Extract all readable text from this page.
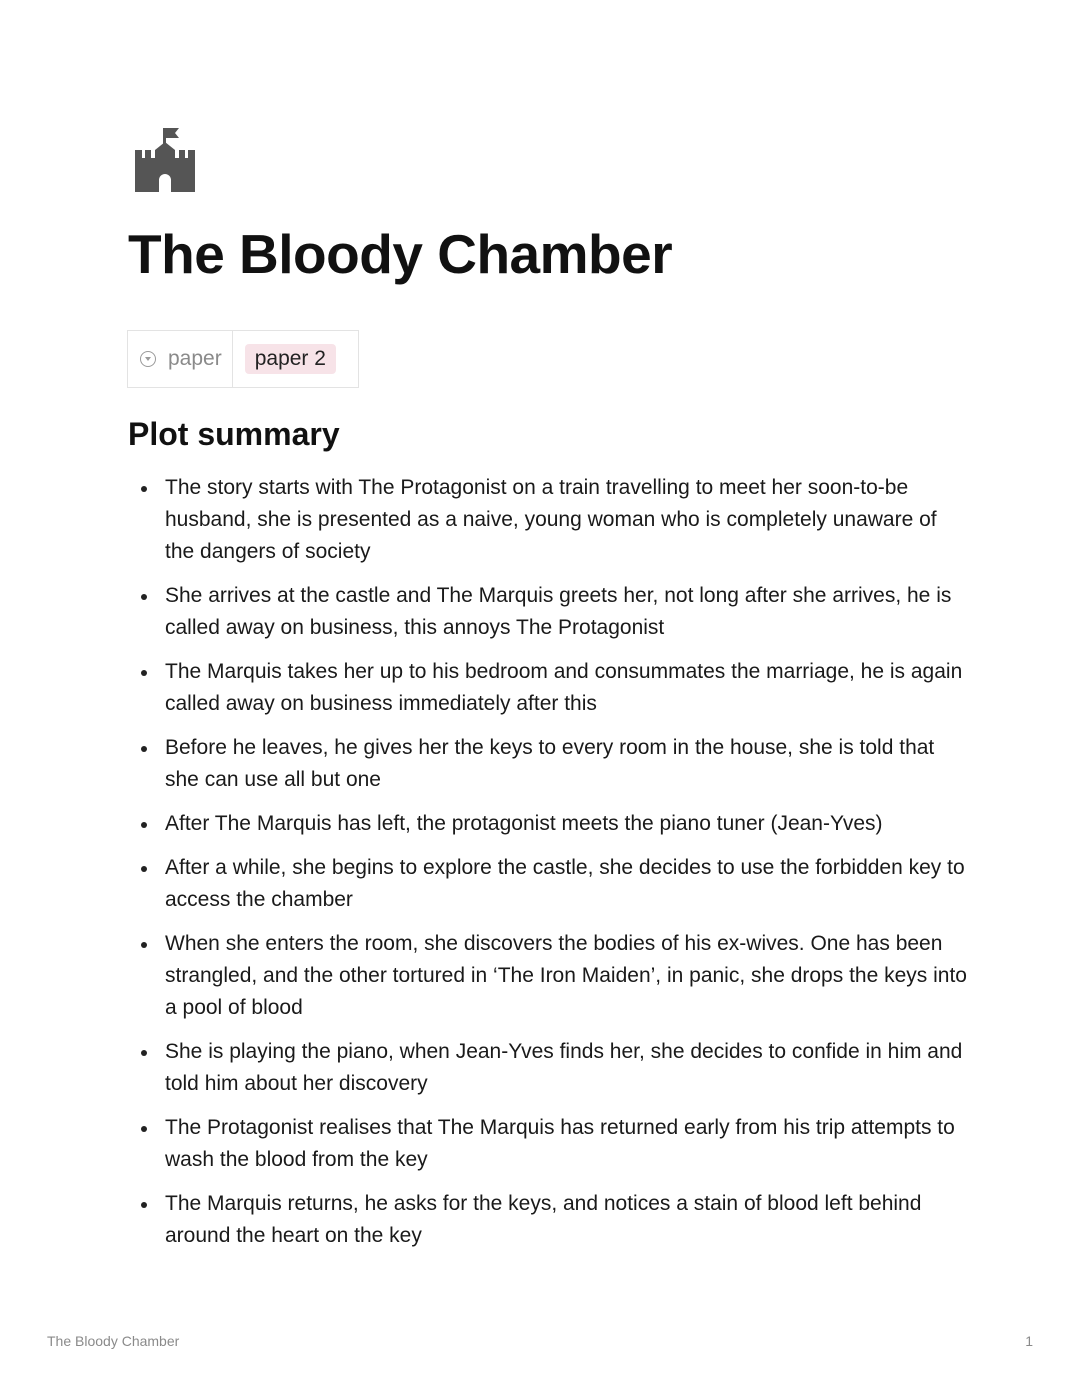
The Bloody Chamber
paper	paper 2
Plot summary
The story starts with The Protagonist on a train travelling to meet her soon-to-be husband, she is presented as a naive, young woman who is completely unaware of the dangers of society
She arrives at the castle and The Marquis greets her, not long after she arrives, he is called away on business, this annoys The Protagonist
The Marquis takes her up to his bedroom and consummates the marriage, he is again called away on business immediately after this
Before he leaves, he gives her the keys to every room in the house, she is told that she can use all but one
After The Marquis has left, the protagonist meets the piano tuner (Jean-Yves)
After a while, she begins to explore the castle, she decides to use the forbidden key to access the chamber
When she enters the room, she discovers the bodies of his ex-wives. One has been strangled, and the other tortured in ‘The Iron Maiden’, in panic, she drops the keys into a pool of blood
She is playing the piano, when Jean-Yves finds her, she decides to confide in him and told him about her discovery
The Protagonist realises that The Marquis has returned early from his trip attempts to wash the blood from the key
The Marquis returns, he asks for the keys, and notices a stain of blood left behind around the heart on the key
The Bloody Chamber	1
